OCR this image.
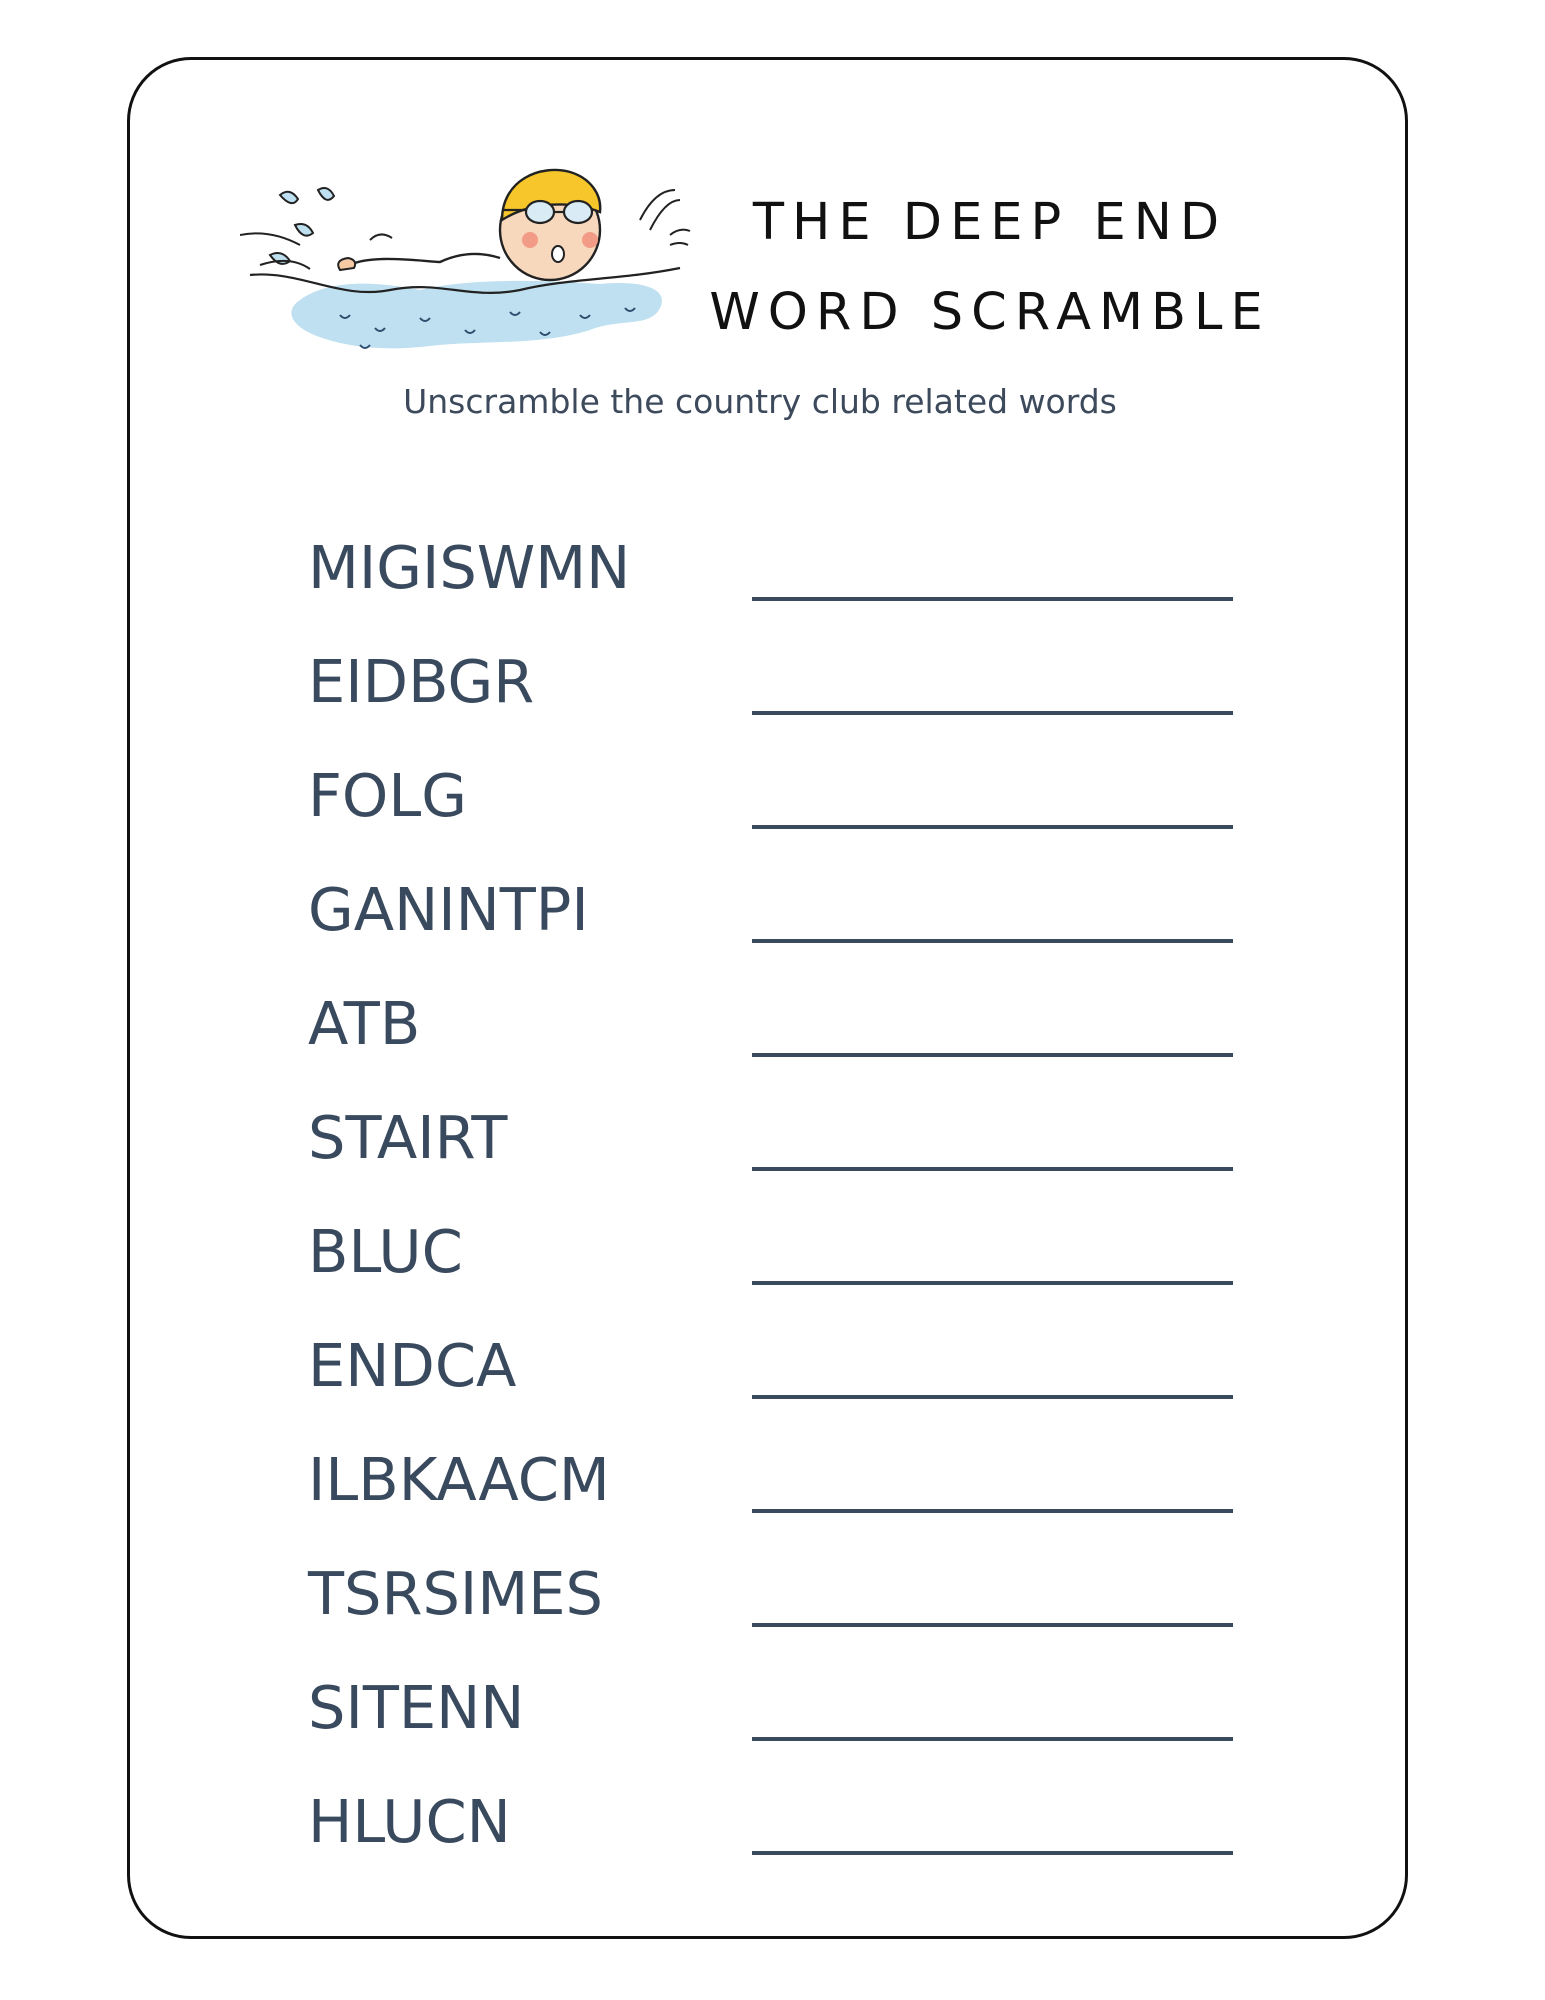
THE DEEP END
WORD SCRAMBLE

Unscramble the country club related words

MIGISWMN
EIDBGR
FOLG
GANINTPI
ATB
STAIRT
BLUC
ENDCA
ILBKAACM
TSRSIMES
SITENN
HLUCN
